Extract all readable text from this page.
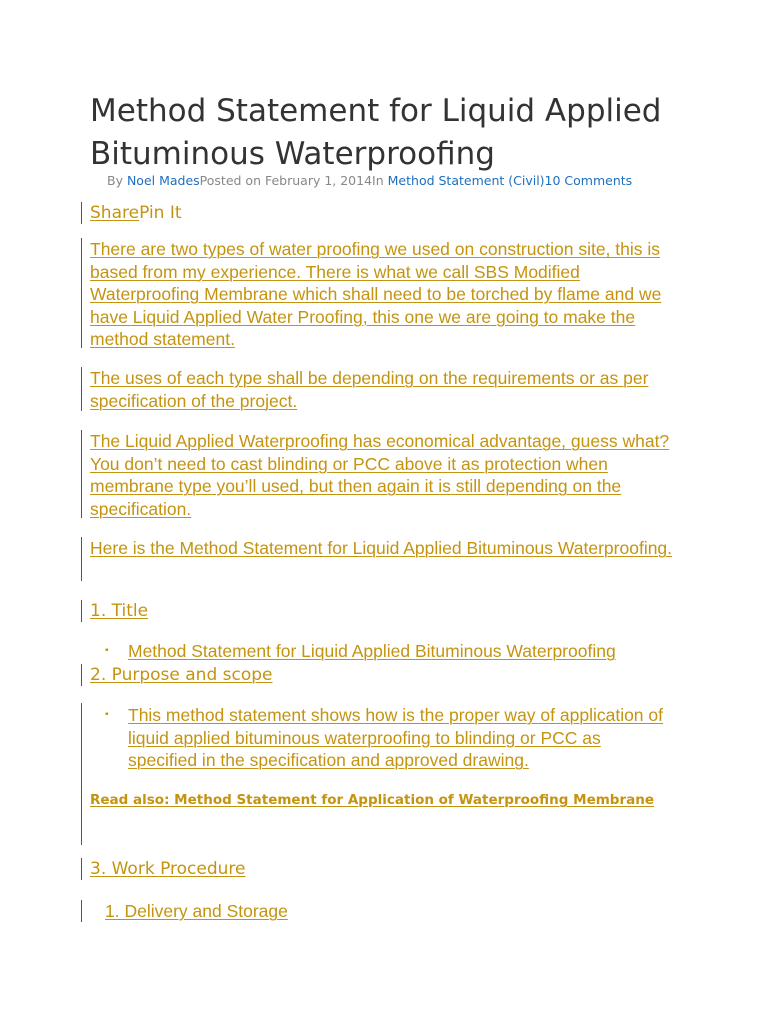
Method Statement for Liquid Applied Bituminous Waterproofing
By Noel MadesPosted on February 1, 2014In Method Statement (Civil)10 Comments
SharePin It

There are two types of water proofing we used on construction site, this is based from my experience. There is what we call SBS Modified Waterproofing Membrane which shall need to be torched by flame and we have Liquid Applied Water Proofing, this one we are going to make the method statement.

The uses of each type shall be depending on the requirements or as per specification of the project.

The Liquid Applied Waterproofing has economical advantage, guess what? You don’t need to cast blinding or PCC above it as protection when membrane type you’ll used, but then again it is still depending on the specification.

Here is the Method Statement for Liquid Applied Bituminous Waterproofing.

1. Title

▪ Method Statement for Liquid Applied Bituminous Waterproofing

2. Purpose and scope

▪ This method statement shows how is the proper way of application of liquid applied bituminous waterproofing to blinding or PCC as specified in the specification and approved drawing.

Read also: Method Statement for Application of Waterproofing Membrane

3. Work Procedure

1. Delivery and Storage
